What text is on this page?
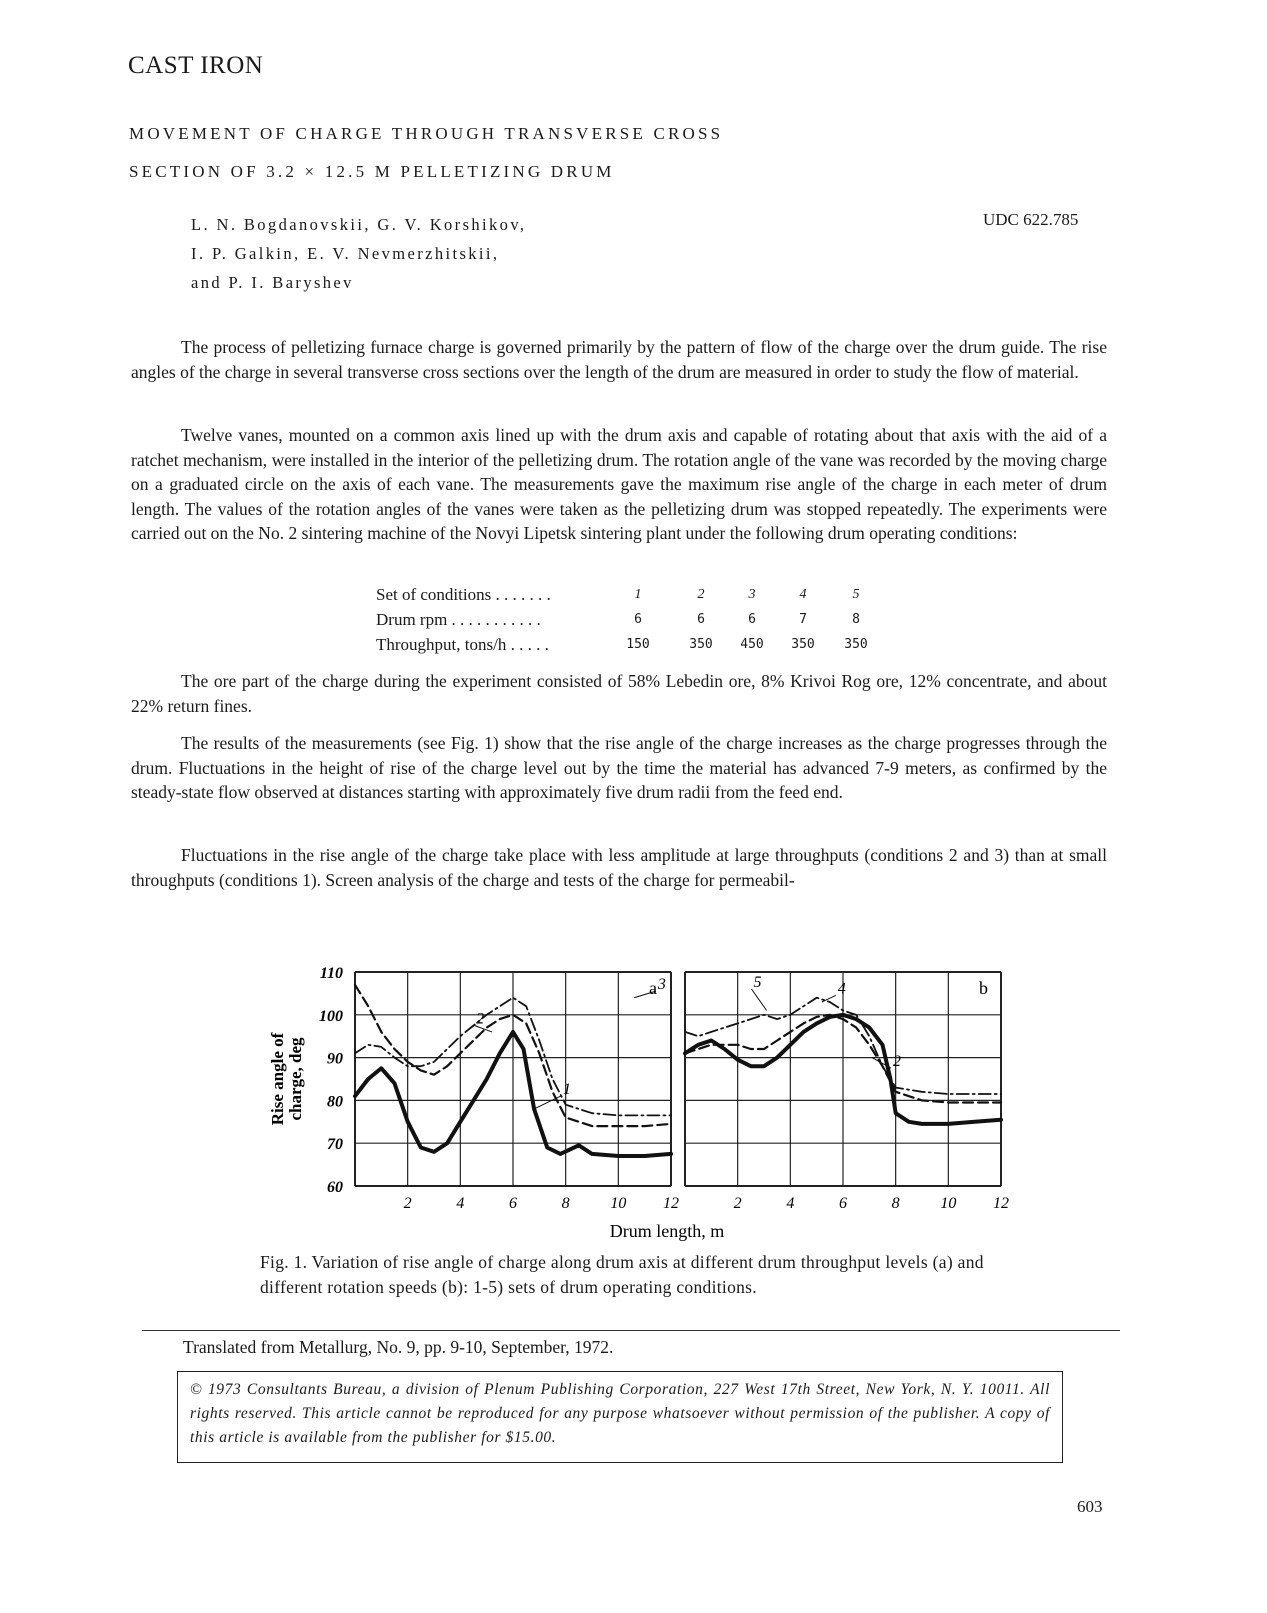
CAST IRON
MOVEMENT OF CHARGE THROUGH TRANSVERSE CROSS
SECTION OF 3.2 × 12.5 M PELLETIZING DRUM
L. N. Bogdanovskii, G. V. Korshikov,
I. P. Galkin, E. V. Nevmerzhitskii,
and P. I. Baryshev
UDC 622.785
The process of pelletizing furnace charge is governed primarily by the pattern of flow of the charge over the drum guide. The rise angles of the charge in several transverse cross sections over the length of the drum are measured in order to study the flow of material.
Twelve vanes, mounted on a common axis lined up with the drum axis and capable of rotating about that axis with the aid of a ratchet mechanism, were installed in the interior of the pelletizing drum. The rotation angle of the vane was recorded by the moving charge on a graduated circle on the axis of each vane. The measurements gave the maximum rise angle of the charge in each meter of drum length. The values of the rotation angles of the vanes were taken as the pelletizing drum was stopped repeatedly. The experiments were carried out on the No. 2 sintering machine of the Novyi Lipetsk sintering plant under the following drum operating conditions:
Set of conditions . . . . . . .	1	2	3	4	5
Drum rpm . . . . . . . . . . .	6	6	6	7	8
Throughput, tons/h . . . . .	150	350	450	350	350
The ore part of the charge during the experiment consisted of 58% Lebedin ore, 8% Krivoi Rog ore, 12% concentrate, and about 22% return fines.
The results of the measurements (see Fig. 1) show that the rise angle of the charge increases as the charge progresses through the drum. Fluctuations in the height of rise of the charge level out by the time the material has advanced 7-9 meters, as confirmed by the steady-state flow observed at distances starting with approximately five drum radii from the feed end.
Fluctuations in the rise angle of the charge take place with less amplitude at large throughputs (conditions 2 and 3) than at small throughputs (conditions 1). Screen analysis of the charge and tests of the charge for permeabil-
1
2
3
a
2
4
5	b
2	4	6	8	10 12	2	4	6	8	10 12
60
70
80
90
100
110
Rise angle of charge, deg
Drum length, m
Fig. 1. Variation of rise angle of charge along drum axis at different drum throughput levels (a) and different rotation speeds (b): 1-5) sets of drum operating conditions.
Translated from Metallurg, No. 9, pp. 9-10, September, 1972.
© 1973 Consultants Bureau, a division of Plenum Publishing Corporation, 227 West 17th Street, New York, N. Y. 10011. All rights reserved. This article cannot be reproduced for any purpose whatsoever without permission of the publisher. A copy of this article is available from the publisher for $15.00.
603
